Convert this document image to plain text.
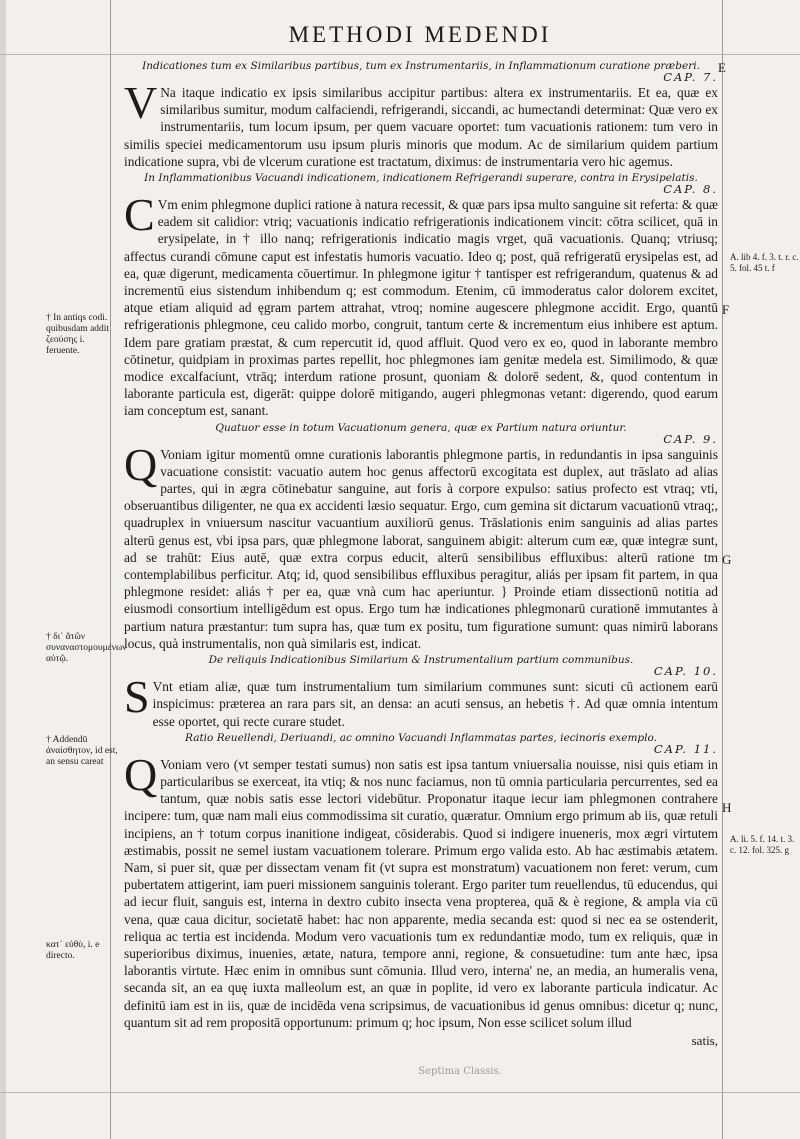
METHODI MEDENDI
E
F
G
H
Indicationes tum ex Similaribus partibus, tum ex Instrumentariis, in Inflammationum curatione præberi.
CAP. 7.

V Na itaque indicatio ex ipsis similaribus accipitur partibus: altera ex instrumentariis. Et ea, quæ ex similaribus sumitur, modum calfaciendi, refrigerandi, siccandi, ac humectandi determinat: Quæ vero ex instrumentariis, tum locum ipsum, per quem vacuare oportet: tum vacuationis rationem: tum vero in similis speciei medicamentorum usu ipsum pluris minoris que modum. Ac de similarium quidem partium indicatione supra, vbi de vlcerum curatione est tractatum, diximus: de instrumentaria vero hic agemus.

In Inflammationibus Vacuandi indicationem, indicationem Refrigerandi superare, contra in Erysipelatis.
CAP. 8.

C Vm enim phlegmone duplici ratione à natura recessit, & quæ pars ipsa multo sanguine sit referta: & quæ eadem sit calidior: vtriq; vacuationis indicatio refrigerationis indicationem vincit: cōtra scilicet, quā in erysipelate, in † illo nanq; refrigerationis indicatio magis vrget, quā vacuationis. Quanq; vtriusq; affectus curandi cōmune caput est infestatis humoris vacuatio. Ideo q; post, quā refrigeratū erysipelas est, ad ea, quæ digerunt, medicamenta cōuertimur. In phlegmone igitur † tantisper est refrigerandum, quatenus & ad incrementū eius sistendum inhibendum q; est commodum. Etenim, cū immoderatus calor dolorem excitet, atque etiam aliquid ad ęgram partem attrahat, vtroq; nomine augescere phlegmone accidit. Ergo, quantū refrigerationis phlegmone, ceu calido morbo, congruit, tantum certe & incrementum eius inhibere est aptum. Idem pare gratiam præstat, & cum repercutit id, quod affluit. Quod vero ex eo, quod in laborante membro cōtinetur, quidpiam in proximas partes repellit, hoc phlegmones iam genitæ medela est. Similimodo, & quæ modice excalfaciunt, vtrāq; interdum ratione prosunt, quoniam & dolorē sedent, &, quod contentum in laborante particula est, digerāt: quippe dolorē mitigando, augeri phlegmonas vetant: digerendo, quod earum iam conceptum est, sanant.

Quatuor esse in totum Vacuationum genera, quæ ex Partium natura oriuntur.
CAP. 9.

Q Voniam igitur momentū omne curationis laborantis phlegmone partis, in redundantis in ipsa sanguinis vacuatione consistit: vacuatio autem hoc genus affectorū excogitata est duplex, aut trāslato ad alias partes, qui in ægra cōtinebatur sanguine, aut foris à corpore expulso: satius profecto est vtraq; vti, obseruantibus diligenter, ne qua ex accidenti læsio sequatur. Ergo, cum gemina sit dictarum vacuationū vtraq;, quadruplex in vniuersum nascitur vacuantium auxiliorū genus. Trāslationis enim sanguinis ad alias partes alterū genus est, vbi ipsa pars, quæ phlegmone laborat, sanguinem abigit: alterum cum eæ, quæ integræ sunt, ad se trahūt: Eius autē, quæ extra corpus educit, alterū sensibilibus effluxibus: alterū ratione tm contemplabilibus perficitur. Atq; id, quod sensibilibus effluxibus peragitur, aliás per ipsam fit partem, in qua phlegmone residet: aliás † per ea, quæ vnà cum hac aperiuntur. } Proinde etiam dissectionū notitia ad eiusmodi consortium intelligēdum est opus. Ergo tum hæ indicationes phlegmonarū curationē immutantes à partium natura præstantur: tum supra has, quæ tum ex positu, tum figuratione sumunt: quas nimirū laborans locus, quà instrumentalis, non quà similaris est, indicat.

De reliquis Indicationibus Similarium & Instrumentalium partium communibus.
CAP. 10.

S Vnt etiam aliæ, quæ tum instrumentalium tum similarium communes sunt: sicuti cū actionem earū inspicimus: præterea an rara pars sit, an densa: an acuti sensus, an hebetis †. Ad quæ omnia intentum esse oportet, qui recte curare studet.

Ratio Reuellendi, Deriuandi, ac omnino Vacuandi Inflammatas partes, iecinoris exemplo.
CAP. 11.

Q Voniam vero (vt semper testati sumus) non satis est ipsa tantum vniuersalia nouisse, nisi quis etiam in particularibus se exerceat, ita vtiq; & nos nunc faciamus, non tū omnia particularia percurrentes, sed ea tantum, quæ nobis satis esse lectori videbūtur. Proponatur itaque iecur iam phlegmonen contrahere incipere: tum, quæ nam mali eius commodissima sit curatio, quæratur. Omnium ergo primum ab iis, quæ retuli incipiens, an † totum corpus inanitione indigeat, cōsiderabis. Quod si indigere inueneris, mox ægri virtutem æstimabis, possit ne semel iustam vacuationem tolerare. Primum ergo valida esto. Ab hac æstimabis ætatem. Nam, si puer sit, quæ per dissectam venam fit (vt supra est monstratum) vacuationem non feret: verum, cum pubertatem attigerint, iam pueri missionem sanguinis tolerant. Ergo pariter tum reuellendus, tū educendus, qui ad iecur fluit, sanguis est, interna in dextro cubito insecta vena propterea, quā & è regione, & ampla via cū vena, quæ caua dicitur, societatē habet: hac non apparente, media secanda est: quod si nec ea se ostenderit, reliqua ac tertia est incidenda. Modum vero vacuationis tum ex redundantiæ modo, tum ex reliquis, quæ in superioribus diximus, inuenies, ætate, natura, tempore anni, regione, & consuetudine: tum ante hæc, ipsa laborantis virtute. Hæc enim in omnibus sunt cōmunia. Illud vero, interna' ne, an media, an humeralis vena, secanda sit, an ea quę iuxta malleolum est, an quæ in poplite, id vero ex laborante particula indicatur. Ac definitū iam est in iis, quæ de incidēda vena scripsimus, de vacuationibus id genus omnibus: dicetur q; nunc, quantum sit ad rem propositā opportunum: primum q; hoc ipsum, Non esse scilicet solum illud

satis,
† In antiqs codi. quibusdam addit ζεούσης i. feruente.
† δι᾽ ἅτῶν συναναστομουμένων αὐτῷ.
† Addendū ἀναίσθητον, id est, an sensu careat
κατ᾽ εὐθὺ, i. e directo.
A. lib 4. f. 3. t. r. c. 5. fol. 45 t. f
A. li. 5. f. 14. t. 3. c. 12. fol. 325. g
Septima Classis.
